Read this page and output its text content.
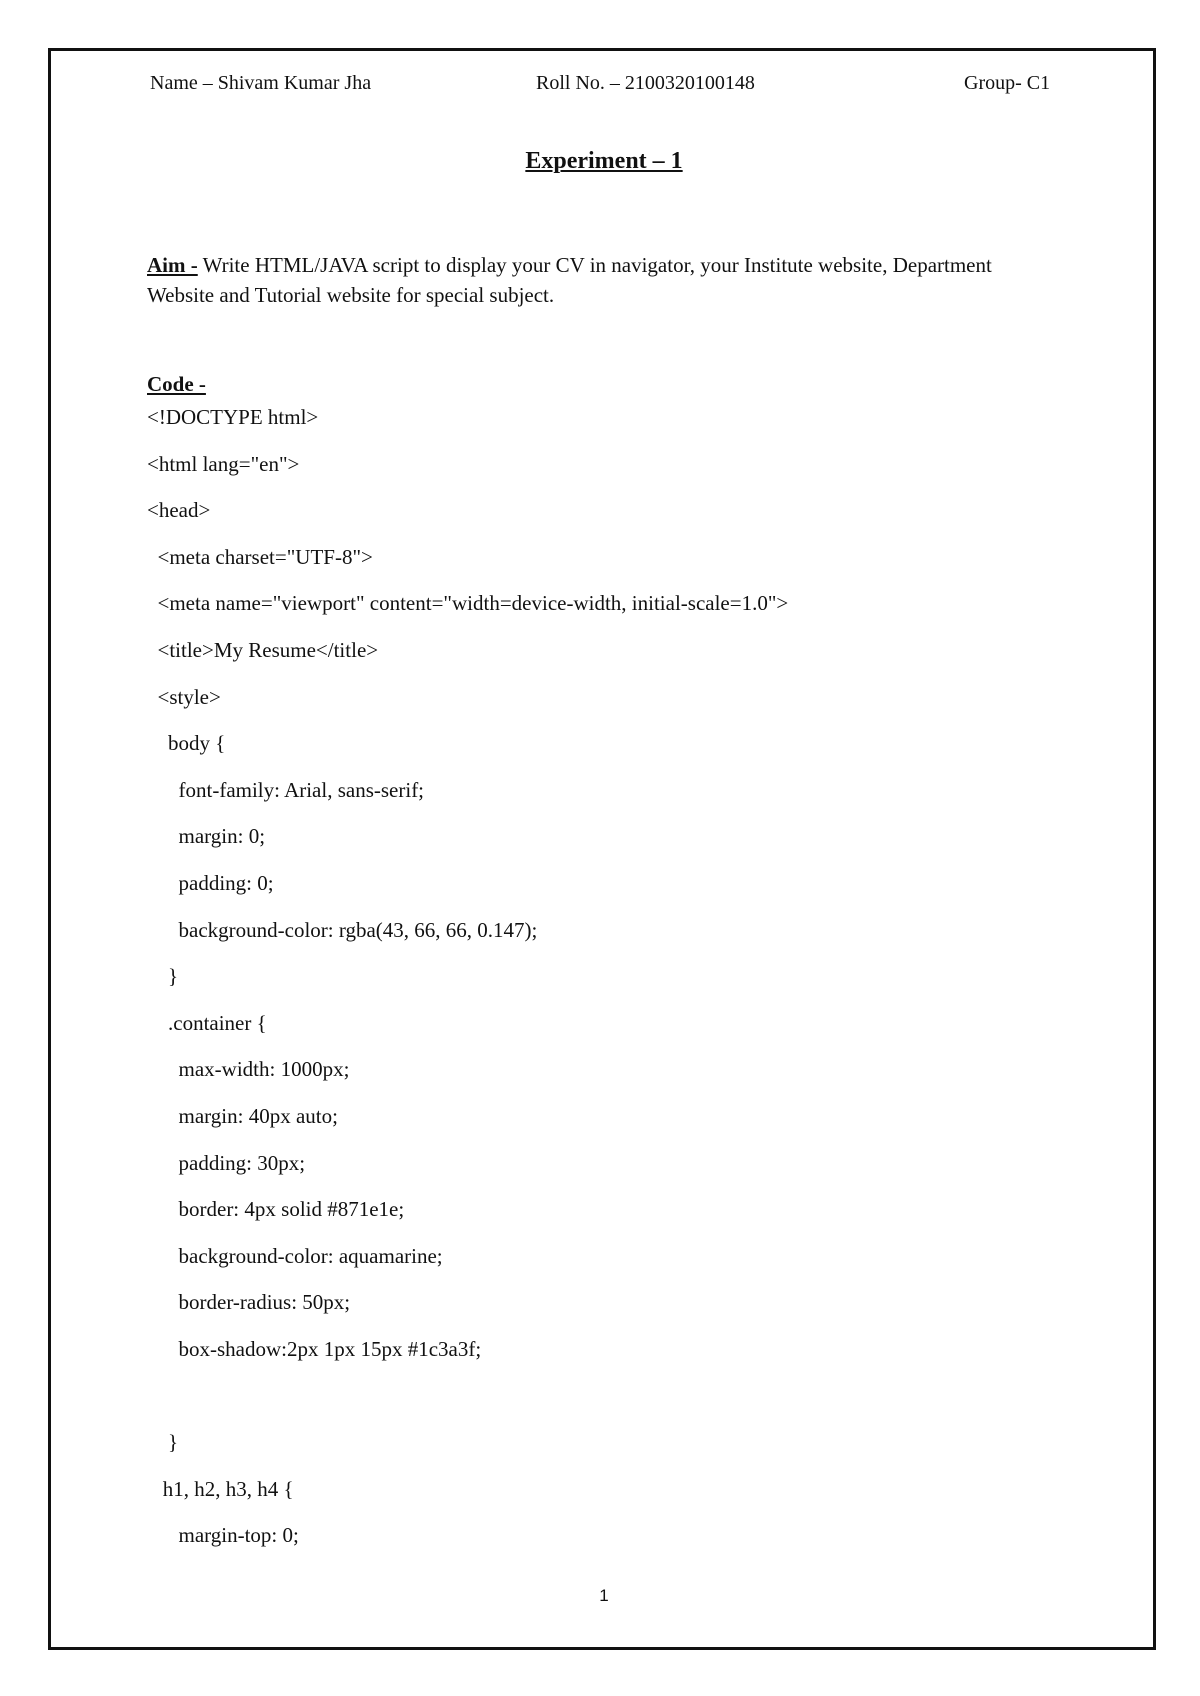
Name – Shivam Kumar Jha	Roll No. – 2100320100148	Group- C1
Experiment – 1
Aim - Write HTML/JAVA script to display your CV in navigator, your Institute website, Department Website and Tutorial website for special subject.
Code -
<!DOCTYPE html>
<html lang="en">
<head>
<meta charset="UTF-8">
<meta name="viewport" content="width=device-width, initial-scale=1.0">
<title>My Resume</title>
<style>
body {
font-family: Arial, sans-serif;
margin: 0;
padding: 0;
background-color: rgba(43, 66, 66, 0.147);
}
.container {
max-width: 1000px;
margin: 40px auto;
padding: 30px;
border: 4px solid #871e1e;
background-color: aquamarine;
border-radius: 50px;
box-shadow:2px 1px 15px #1c3a3f;
}
h1, h2, h3, h4 {
margin-top: 0;
1
